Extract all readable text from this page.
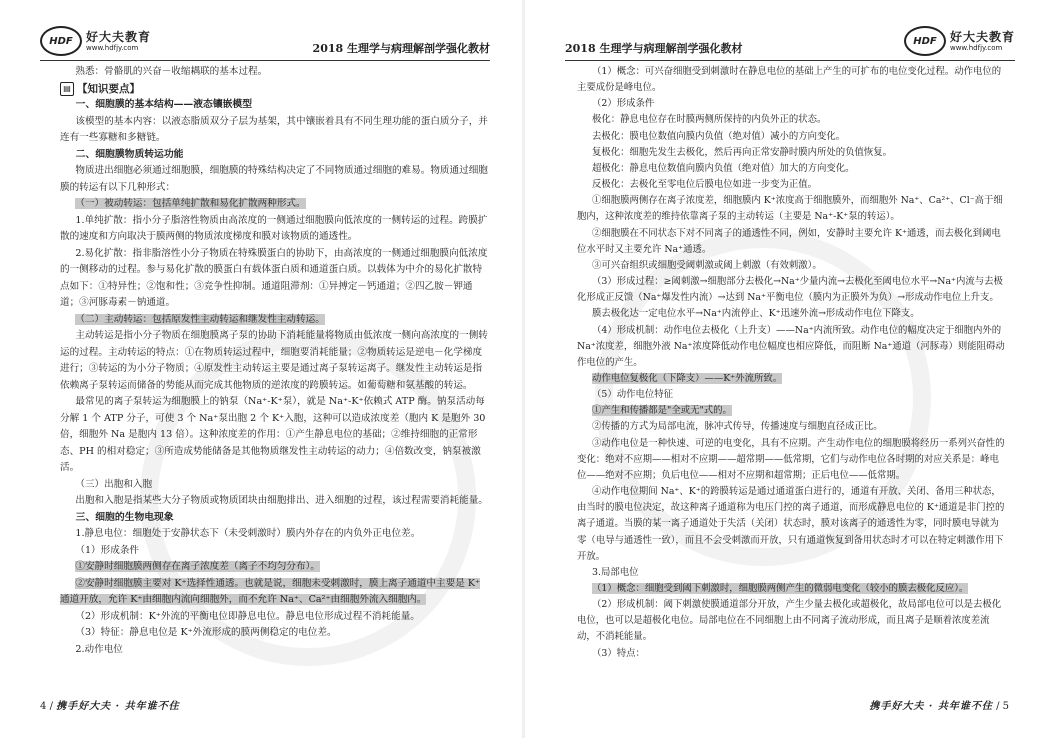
HDF	好大夫教育
www.hdfjy.com	2018 生理学与病理解剖学强化教材

熟悉：骨骼肌的兴奋－收缩耦联的基本过程。

▤ 【知识要点】

一、细胞膜的基本结构——液态镶嵌模型

该模型的基本内容：以液态脂质双分子层为基架，其中镶嵌着具有不同生理功能的蛋白质分子，并连有一些寡糖和多糖链。

二、细胞膜物质转运功能

物质进出细胞必须通过细胞膜，细胞膜的特殊结构决定了不同物质通过细胞的难易。物质通过细胞膜的转运有以下几种形式：

（一）被动转运：包括单纯扩散和易化扩散两种形式。

1.单纯扩散：指小分子脂溶性物质由高浓度的一侧通过细胞膜向低浓度的一侧转运的过程。跨膜扩散的速度和方向取决于膜两侧的物质浓度梯度和膜对该物质的通透性。

2.易化扩散：指非脂溶性小分子物质在特殊膜蛋白的协助下，由高浓度的一侧通过细胞膜向低浓度的一侧移动的过程。参与易化扩散的膜蛋白有载体蛋白质和通道蛋白质。以载体为中介的易化扩散特点如下：①特异性；②饱和性；③竞争性抑制。通道阻滞剂：①异搏定－钙通道；②四乙胺－钾通道；③河豚毒素－钠通道。

（二）主动转运：包括原发性主动转运和继发性主动转运。

主动转运是指小分子物质在细胞膜离子泵的协助下消耗能量将物质由低浓度一侧向高浓度的一侧转运的过程。主动转运的特点：①在物质转运过程中，细胞要消耗能量；②物质转运是逆电－化学梯度进行；③转运的为小分子物质；④原发性主动转运主要是通过离子泵转运离子。继发性主动转运是指依赖离子泵转运而储备的势能从而完成其他物质的逆浓度的跨膜转运。如葡萄糖和氨基酸的转运。

最常见的离子泵转运为细胞膜上的钠泵（Na⁺-K⁺泵），就是 Na⁺-K⁺依赖式 ATP 酶。钠泵活动每分解 1 个 ATP 分子，可使 3 个 Na⁺泵出胞 2 个 K⁺入胞，这种可以造成浓度差（胞内 K 是胞外 30 倍，细胞外 Na 是胞内 13 倍）。这种浓度差的作用：①产生静息电位的基础；②维持细胞的正常形态、PH 的相对稳定；③所造成势能储备是其他物质继发性主动转运的动力；④倍数改变，钠泵被激活。

（三）出胞和入胞

出胞和入胞是指某些大分子物质或物质团块由细胞排出、进入细胞的过程，该过程需要消耗能量。

三、细胞的生物电现象

1.静息电位：细胞处于安静状态下（未受刺激时）膜内外存在的内负外正电位差。

（1）形成条件

①安静时细胞膜两侧存在离子浓度差（离子不均匀分布）。

②安静时细胞膜主要对 K⁺选择性通透。也就是说，细胞未受刺激时，膜上离子通道中主要是 K⁺通道开放，允许 K⁺由细胞内流向细胞外，而不允许 Na⁺、Ca²⁺由细胞外流入细胞内。

（2）形成机制：K⁺外流的平衡电位即静息电位。静息电位形成过程不消耗能量。

（3）特征：静息电位是 K⁺外流形成的膜两侧稳定的电位差。

2.动作电位

4 / 携手好大夫 · 共年谁不住
2018 生理学与病理解剖学强化教材
HDF	好大夫教育
www.hdfjy.com

（1）概念：可兴奋细胞受到刺激时在静息电位的基础上产生的可扩布的电位变化过程。动作电位的主要成份是峰电位。

（2）形成条件

极化：静息电位存在时膜两侧所保持的内负外正的状态。

去极化：膜电位数值向膜内负值（绝对值）减小的方向变化。

复极化：细胞先发生去极化，然后再向正常安静时膜内所处的负值恢复。

超极化：静息电位数值向膜内负值（绝对值）加大的方向变化。

反极化：去极化至零电位后膜电位如进一步变为正值。

①细胞膜两侧存在离子浓度差，细胞膜内 K⁺浓度高于细胞膜外，而细胞外 Na⁺、Ca²⁺、Cl⁻高于细胞内，这种浓度差的维持依靠离子泵的主动转运（主要是 Na⁺-K⁺泵的转运）。

②细胞膜在不同状态下对不同离子的通透性不同，例如，安静时主要允许 K⁺通透，而去极化到阈电位水平时又主要允许 Na⁺通透。

③可兴奋组织或细胞受阈刺激或阈上刺激（有效刺激）。

（3）形成过程：≥阈刺激→细胞部分去极化→Na⁺少量内流→去极化至阈电位水平→Na⁺内流与去极化形成正反馈（Na⁺爆发性内流）→达到 Na⁺平衡电位（膜内为正膜外为负）→形成动作电位上升支。

膜去极化达一定电位水平→Na⁺内流停止、K⁺迅速外流→形成动作电位下降支。

（4）形成机制：动作电位去极化（上升支）——Na⁺内流所致。动作电位的幅度决定于细胞内外的 Na⁺浓度差，细胞外液 Na⁺浓度降低动作电位幅度也相应降低，而阻断 Na⁺通道（河豚毒）则能阻碍动作电位的产生。

动作电位复极化（下降支）——K⁺外流所致。

（5）动作电位特征

①产生和传播都是"全或无"式的。

②传播的方式为局部电流，脉冲式传导，传播速度与细胞直径成正比。

③动作电位是一种快速、可逆的电变化，具有不应期。产生动作电位的细胞膜将经历一系列兴奋性的变化：绝对不应期——相对不应期——超常期——低常期，它们与动作电位各时期的对应关系是：峰电位——绝对不应期；负后电位——相对不应期和超常期；正后电位——低常期。

④动作电位期间 Na⁺、K⁺的跨膜转运是通过通道蛋白进行的，通道有开放、关闭、备用三种状态，由当时的膜电位决定，故这种离子通道称为电压门控的离子通道，而形成静息电位的 K⁺通道是非门控的离子通道。当膜的某一离子通道处于失活（关闭）状态时，膜对该离子的通透性为零，同时膜电导就为零（电导与通透性一致），而且不会受刺激而开放，只有通道恢复到备用状态时才可以在特定刺激作用下开放。

3.局部电位

（1）概念：细胞受到阈下刺激时，细胞膜两侧产生的微弱电变化（较小的膜去极化反应）。

（2）形成机制：阈下刺激使膜通道部分开放，产生少量去极化或超极化，故局部电位可以是去极化电位，也可以是超极化电位。局部电位在不同细胞上由不同离子流动形成，而且离子是顺着浓度差流动，不消耗能量。

（3）特点：

携手好大夫 · 共年谁不住 / 5
